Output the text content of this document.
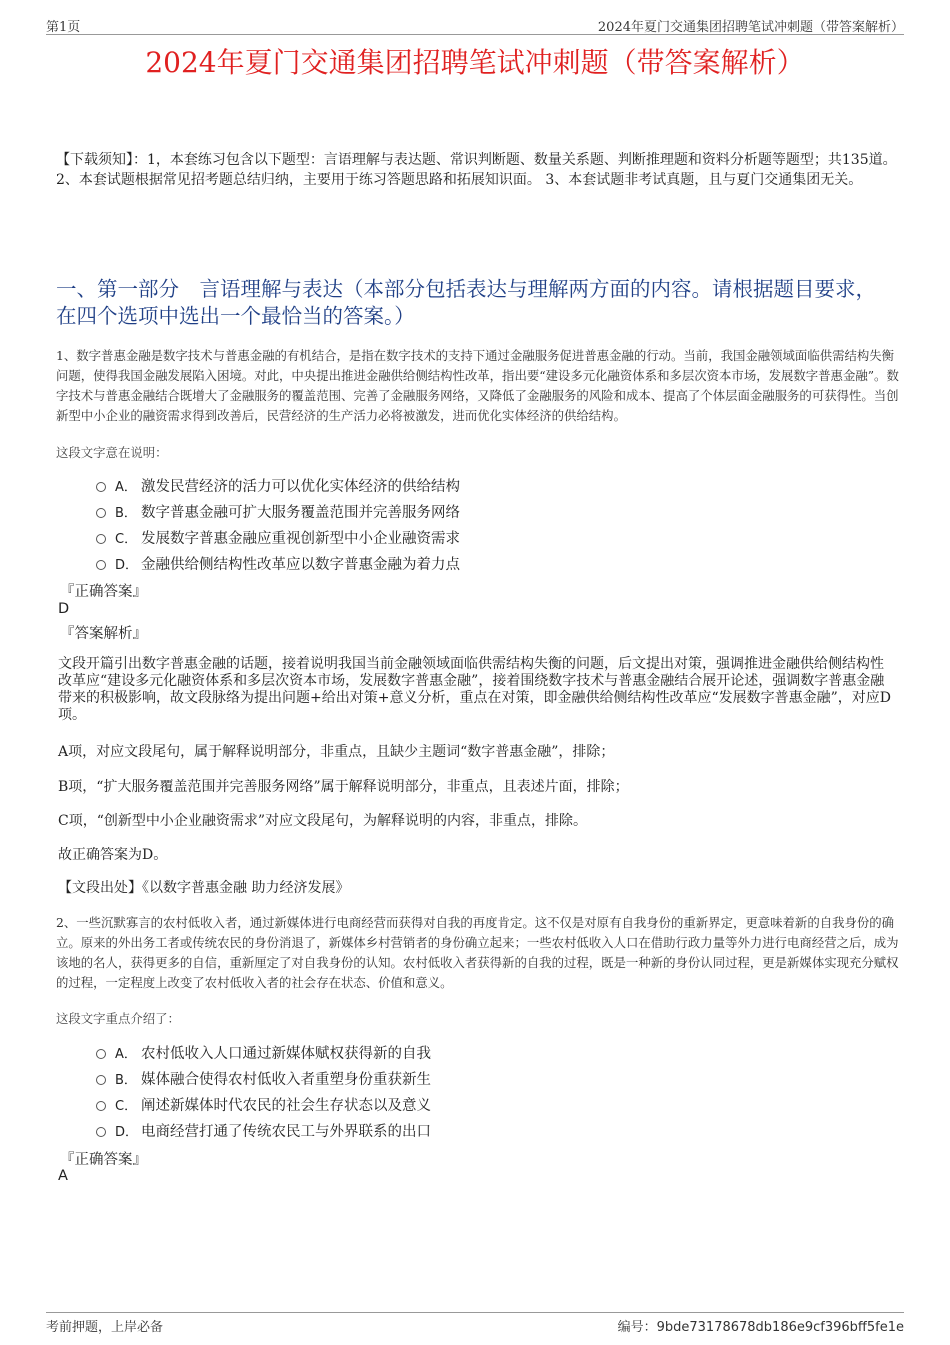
第1页	2024年夏门交通集团招聘笔试冲刺题（带答案解析）
2024年夏门交通集团招聘笔试冲刺题（带答案解析）
【下载须知】：1，本套练习包含以下题型：言语理解与表达题、常识判断题、数量关系题、判断推理题和资料分析题等题型；共135道。 2、本套试题根据常见招考题总结归纳，主要用于练习答题思路和拓展知识面。 3、本套试题非考试真题，且与夏门交通集团无关。
一、第一部分　言语理解与表达（本部分包括表达与理解两方面的内容。请根据题目要求，在四个选项中选出一个最恰当的答案。）
1、数字普惠金融是数字技术与普惠金融的有机结合，是指在数字技术的支持下通过金融服务促进普惠金融的行动。当前，我国金融领域面临供需结构失衡问题，使得我国金融发展陷入困境。对此，中央提出推进金融供给侧结构性改革，指出要“建设多元化融资体系和多层次资本市场，发展数字普惠金融”。数字技术与普惠金融结合既增大了金融服务的覆盖范围、完善了金融服务网络，又降低了金融服务的风险和成本、提高了个体层面金融服务的可获得性。当创新型中小企业的融资需求得到改善后，民营经济的生产活力必将被激发，进而优化实体经济的供给结构。
这段文字意在说明：
A． 激发民营经济的活力可以优化实体经济的供给结构
B． 数字普惠金融可扩大服务覆盖范围并完善服务网络
C． 发展数字普惠金融应重视创新型中小企业融资需求
D． 金融供给侧结构性改革应以数字普惠金融为着力点
『正确答案』
D
『答案解析』
文段开篇引出数字普惠金融的话题，接着说明我国当前金融领域面临供需结构失衡的问题，后文提出对策，强调推进金融供给侧结构性改革应“建设多元化融资体系和多层次资本市场，发展数字普惠金融”，接着围绕数字技术与普惠金融结合展开论述，强调数字普惠金融带来的积极影响，故文段脉络为提出问题+给出对策+意义分析，重点在对策，即金融供给侧结构性改革应“发展数字普惠金融”，对应D项。
A项，对应文段尾句，属于解释说明部分，非重点，且缺少主题词“数字普惠金融”，排除；
B项，“扩大服务覆盖范围并完善服务网络”属于解释说明部分，非重点，且表述片面，排除；
C项，“创新型中小企业融资需求”对应文段尾句，为解释说明的内容，非重点，排除。
故正确答案为D。
【文段出处】《以数字普惠金融 助力经济发展》
2、一些沉默寡言的农村低收入者，通过新媒体进行电商经营而获得对自我的再度肯定。这不仅是对原有自我身份的重新界定，更意味着新的自我身份的确立。原来的外出务工者或传统农民的身份消退了，新媒体乡村营销者的身份确立起来；一些农村低收入人口在借助行政力量等外力进行电商经营之后，成为该地的名人，获得更多的自信，重新厘定了对自我身份的认知。农村低收入者获得新的自我的过程，既是一种新的身份认同过程，更是新媒体实现充分赋权的过程，一定程度上改变了农村低收入者的社会存在状态、价值和意义。
这段文字重点介绍了：
A． 农村低收入人口通过新媒体赋权获得新的自我
B． 媒体融合使得农村低收入者重塑身份重获新生
C． 阐述新媒体时代农民的社会生存状态以及意义
D． 电商经营打通了传统农民工与外界联系的出口
『正确答案』
A
考前押题，上岸必备	编号：9bde73178678db186e9cf396bff5fe1e
